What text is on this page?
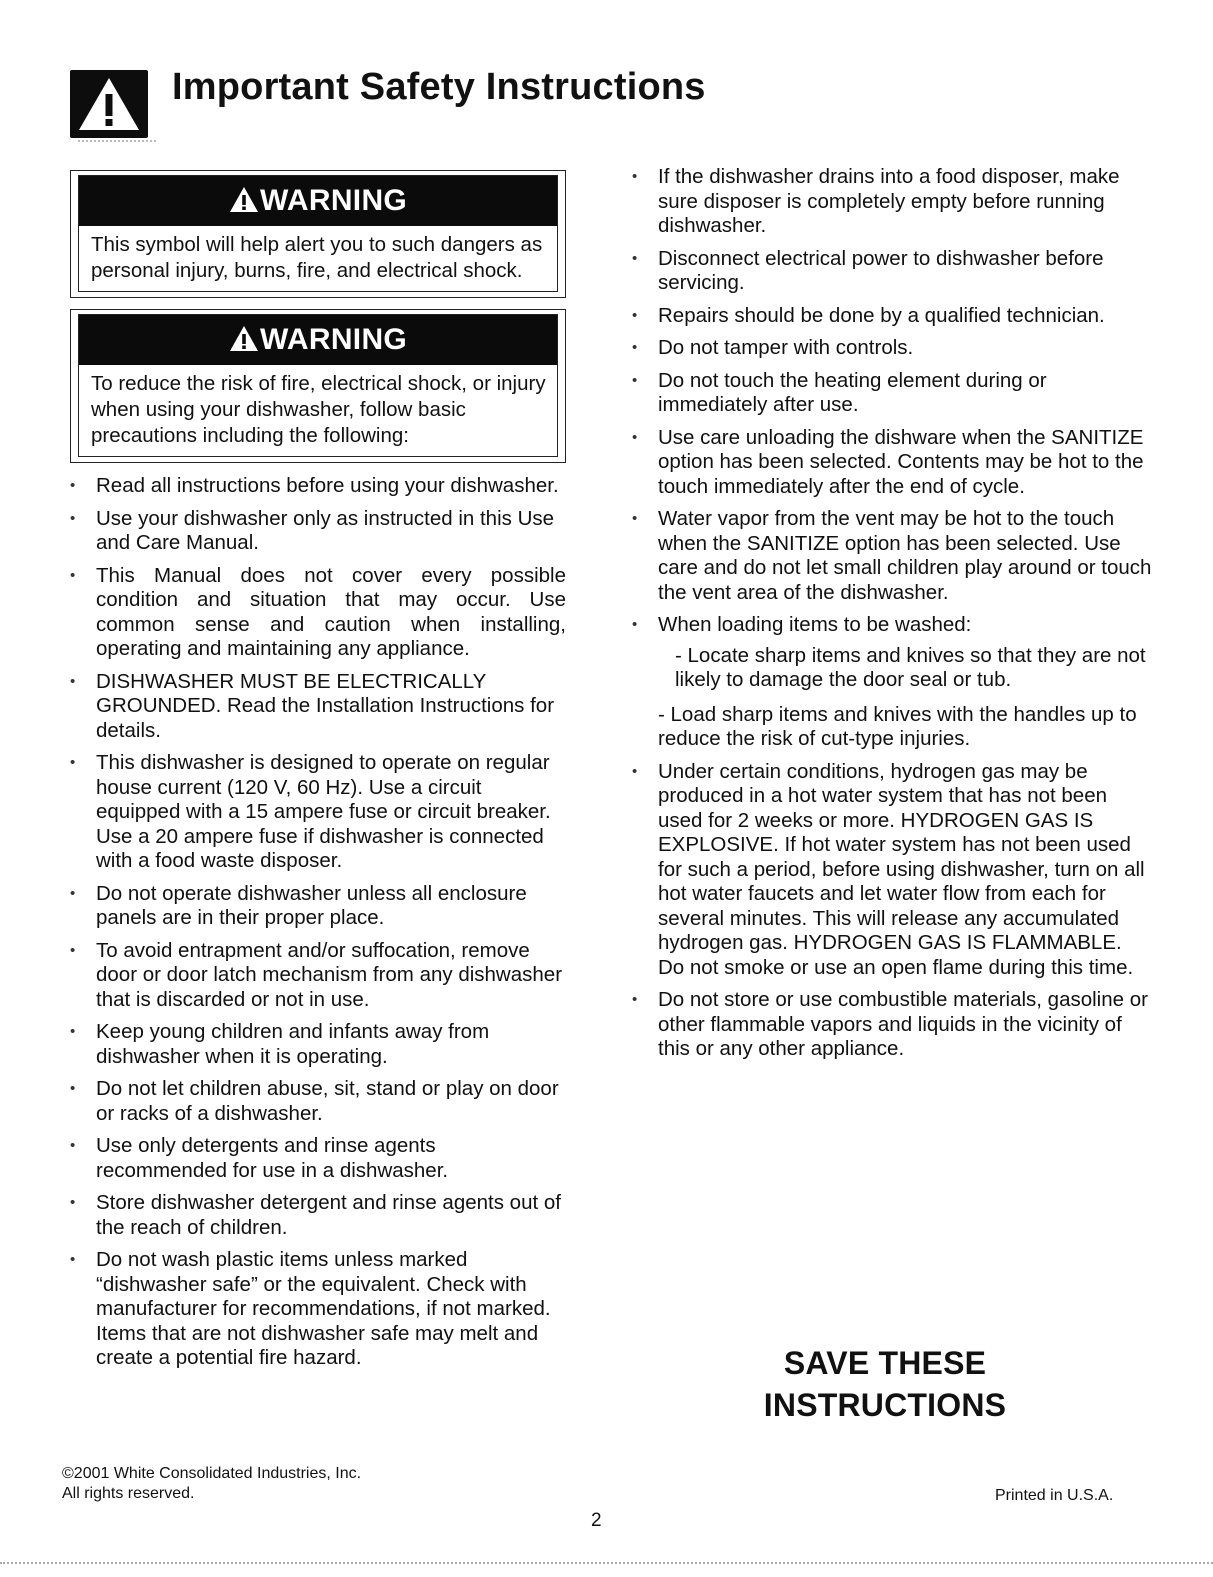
Important Safety Instructions
WARNING
This symbol will help alert you to such dangers as personal injury, burns, fire, and electrical shock.
WARNING
To reduce the risk of fire, electrical shock, or injury when using your dishwasher, follow basic precautions including the following:
• Read all instructions before using your dishwasher.
• Use your dishwasher only as instructed in this Use and Care Manual.
• This Manual does not cover every possible condition and situation that may occur. Use common sense and caution when installing, operating and maintaining any appliance.
• DISHWASHER MUST BE ELECTRICALLY GROUNDED. Read the Installation Instructions for details.
• This dishwasher is designed to operate on regular house current (120 V, 60 Hz). Use a circuit equipped with a 15 ampere fuse or circuit breaker. Use a 20 ampere fuse if dishwasher is connected with a food waste disposer.
• Do not operate dishwasher unless all enclosure panels are in their proper place.
• To avoid entrapment and/or suffocation, remove door or door latch mechanism from any dishwasher that is discarded or not in use.
• Keep young children and infants away from dishwasher when it is operating.
• Do not let children abuse, sit, stand or play on door or racks of a dishwasher.
• Use only detergents and rinse agents recommended for use in a dishwasher.
• Store dishwasher detergent and rinse agents out of the reach of children.
• Do not wash plastic items unless marked “dishwasher safe” or the equivalent. Check with manufacturer for recommendations, if not marked. Items that are not dishwasher safe may melt and create a potential fire hazard.
• If the dishwasher drains into a food disposer, make sure disposer is completely empty before running dishwasher.
• Disconnect electrical power to dishwasher before servicing.
• Repairs should be done by a qualified technician.
• Do not tamper with controls.
• Do not touch the heating element during or immediately after use.
• Use care unloading the dishware when the SANITIZE option has been selected. Contents may be hot to the touch immediately after the end of cycle.
• Water vapor from the vent may be hot to the touch when the SANITIZE option has been selected. Use care and do not let small children play around or touch the vent area of the dishwasher.
• When loading items to be washed:
- Locate sharp items and knives so that they are not likely to damage the door seal or tub.
- Load sharp items and knives with the handles up to reduce the risk of cut-type injuries.
• Under certain conditions, hydrogen gas may be produced in a hot water system that has not been used for 2 weeks or more. HYDROGEN GAS IS EXPLOSIVE. If hot water system has not been used for such a period, before using dishwasher, turn on all hot water faucets and let water flow from each for several minutes. This will release any accumulated hydrogen gas. HYDROGEN GAS IS FLAMMABLE. Do not smoke or use an open flame during this time.
• Do not store or use combustible materials, gasoline or other flammable vapors and liquids in the vicinity of this or any other appliance.
SAVE THESE
INSTRUCTIONS
©2001 White Consolidated Industries, Inc.
All rights reserved.	Printed in U.S.A.
2
